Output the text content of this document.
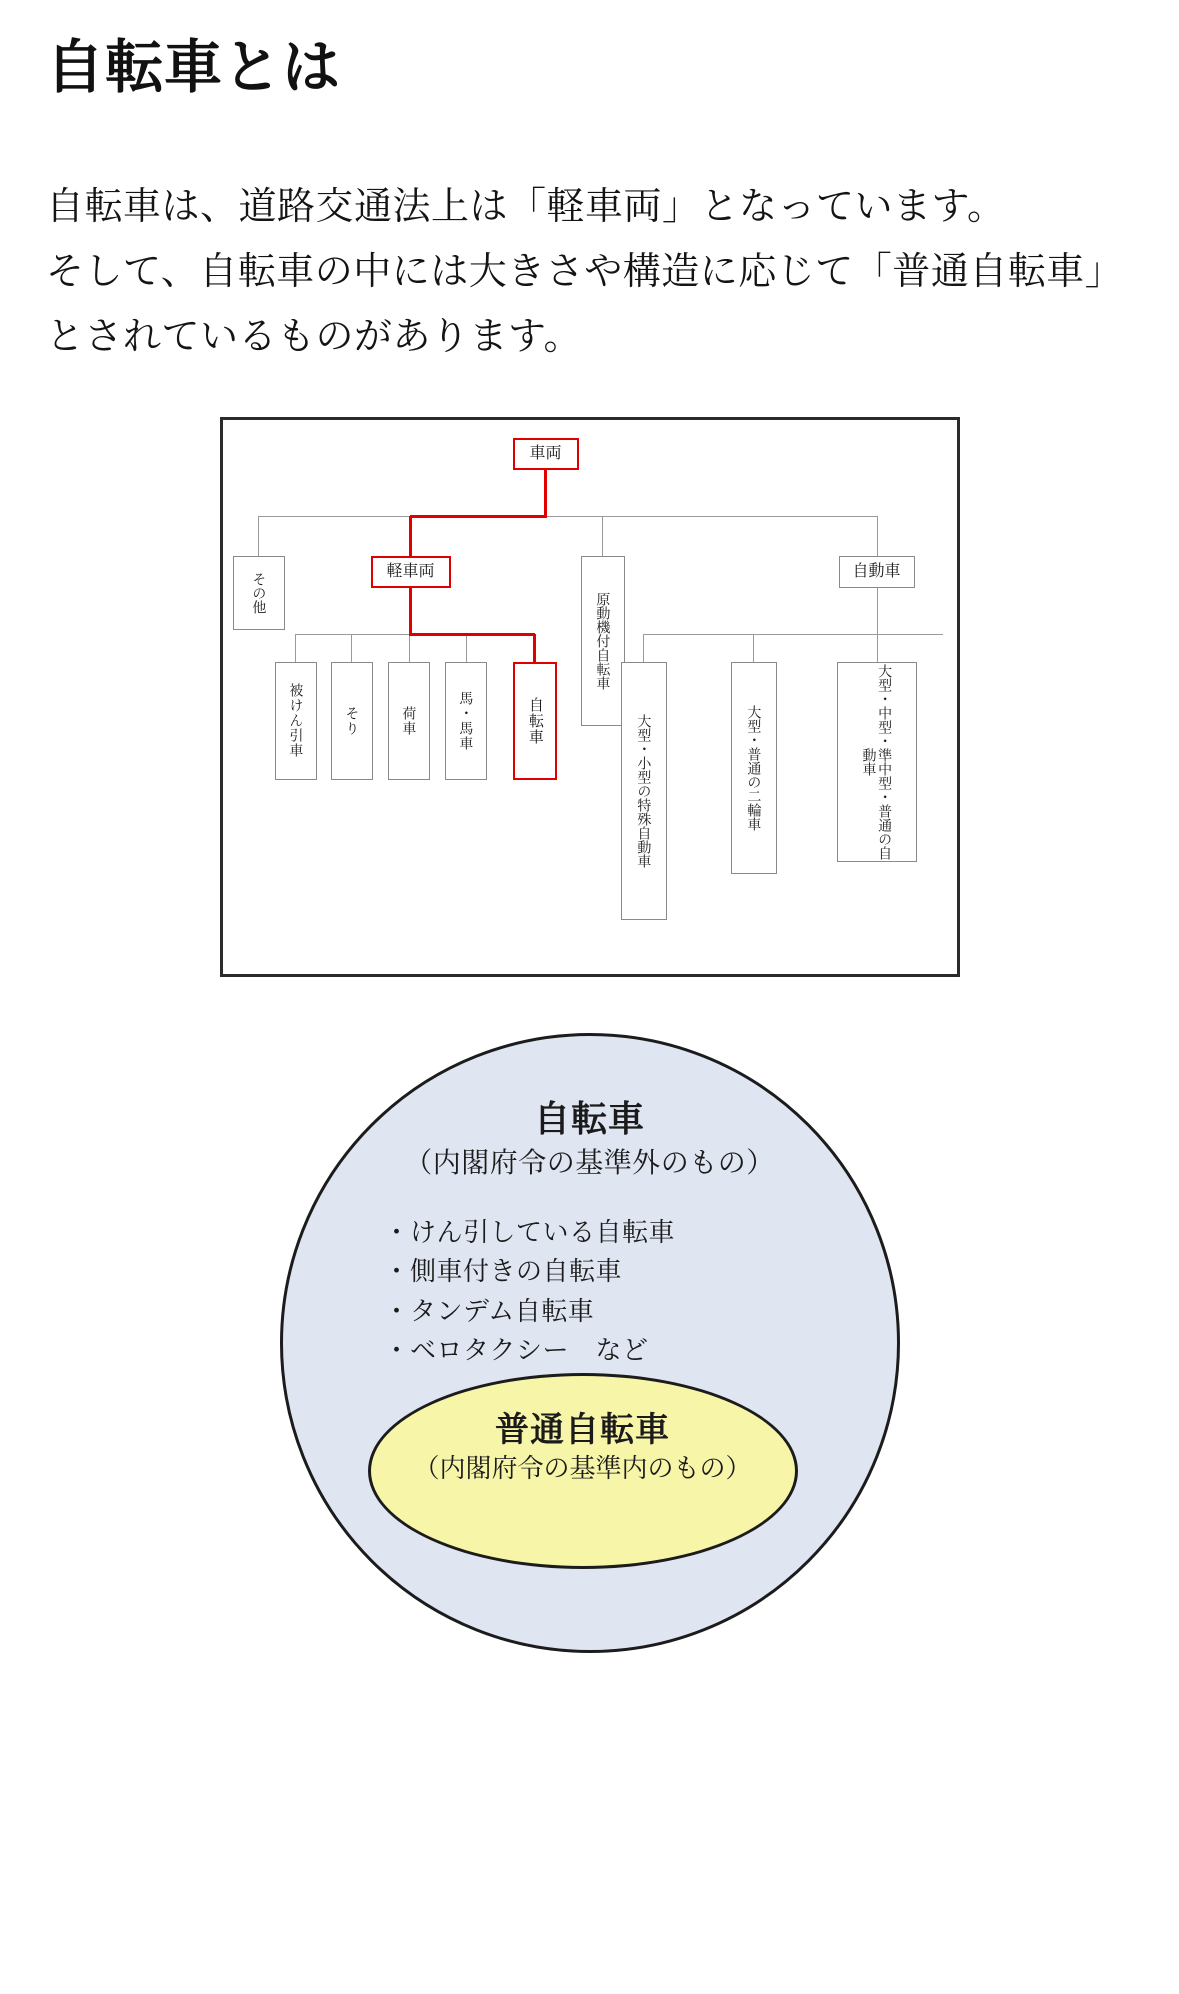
自転車とは

自転車は、道路交通法上は「軽車両」となっています。

そして、自転車の中には大きさや構造に応じて「普通自転車」とされているものがあります。

車両
その他
軽車両
原動機付自転車
自動車
被けん引車	そり	荷車	馬・馬車	自転車	大型・小型の特殊自動車	大型・普通の二輪車	大型・中型・準中型・普通の自動車
自転車
（内閣府令の基準外のもの）
・けん引している自転車
・側車付きの自転車
・タンデム自転車
・ベロタクシー　など
普通自転車
（内閣府令の基準内のもの）
